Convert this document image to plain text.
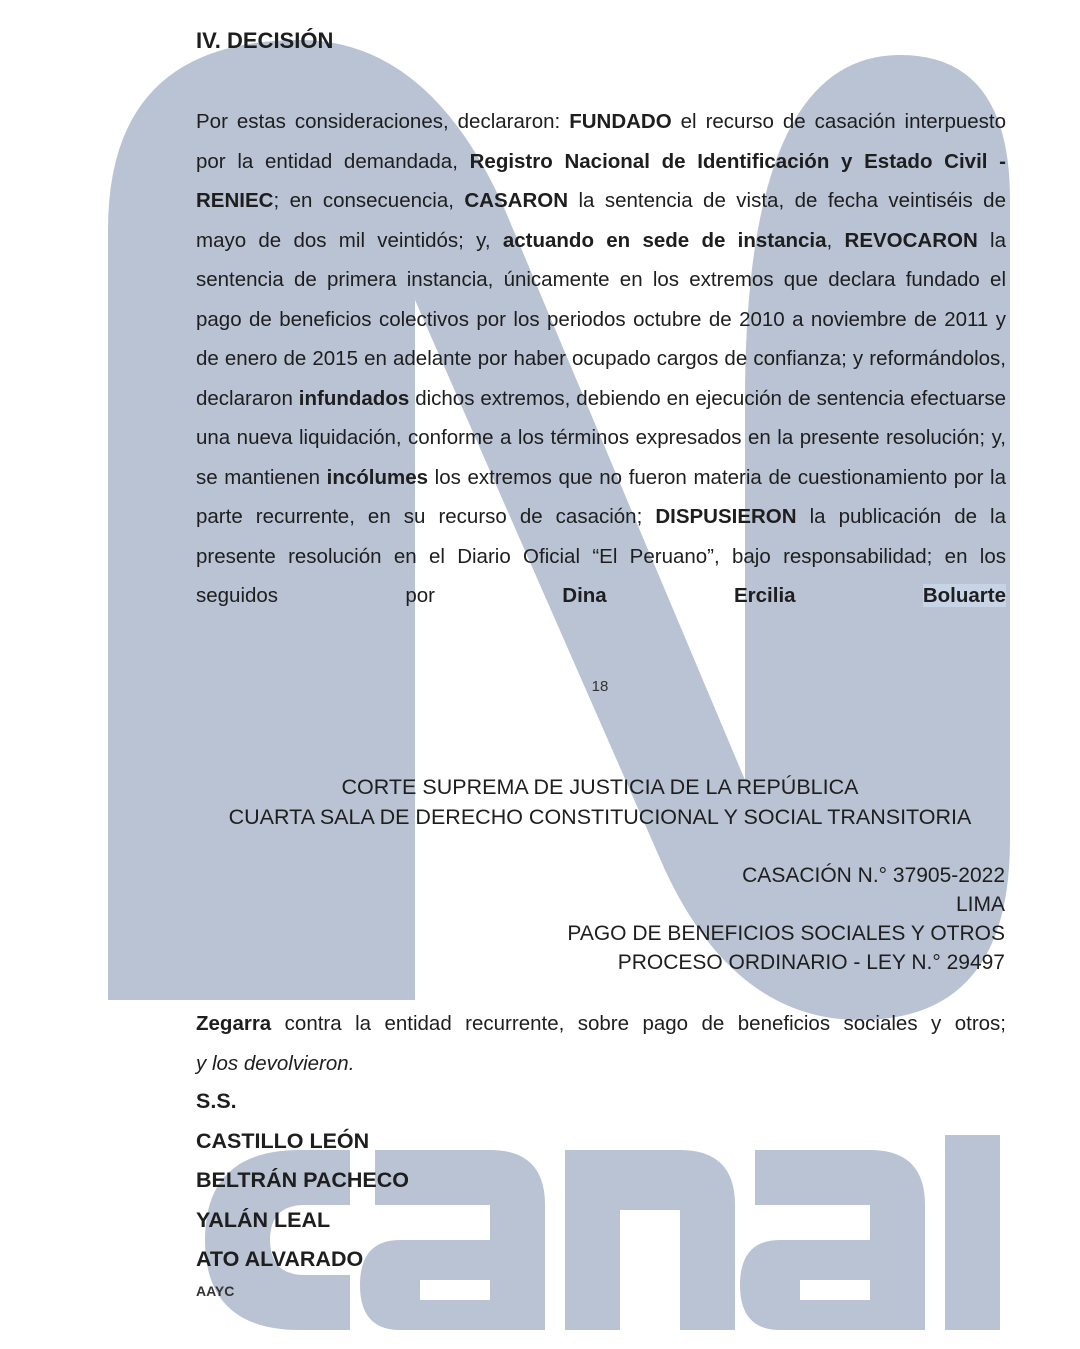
IV. DECISIÓN

Por estas consideraciones, declararon: FUNDADO el recurso de casación interpuesto por la entidad demandada, Registro Nacional de Identificación y Estado Civil - RENIEC; en consecuencia, CASARON la sentencia de vista, de fecha veintiséis de mayo de dos mil veintidós; y, actuando en sede de instancia, REVOCARON la sentencia de primera instancia, únicamente en los extremos que declara fundado el pago de beneficios colectivos por los periodos octubre de 2010 a noviembre de 2011 y de enero de 2015 en adelante por haber ocupado cargos de confianza; y reformándolos, declararon infundados dichos extremos, debiendo en ejecución de sentencia efectuarse una nueva liquidación, conforme a los términos expresados en la presente resolución; y, se mantienen incólumes los extremos que no fueron materia de cuestionamiento por la parte recurrente, en su recurso de casación; DISPUSIERON la publicación de la presente resolución en el Diario Oficial “El Peruano”, bajo responsabilidad; en los seguidos por Dina Ercilia Boluarte

18
CORTE SUPREMA DE JUSTICIA DE LA REPÚBLICA
CUARTA SALA DE DERECHO CONSTITUCIONAL Y SOCIAL TRANSITORIA
CASACIÓN N.° 37905-2022
LIMA
PAGO DE BENEFICIOS SOCIALES Y OTROS
PROCESO ORDINARIO - LEY N.° 29497

Zegarra contra la entidad recurrente, sobre pago de beneficios sociales y otros;
y los devolvieron.

S.S.
CASTILLO LEÓN
BELTRÁN PACHECO
YALÁN LEAL
ATO ALVARADO
AAYC
